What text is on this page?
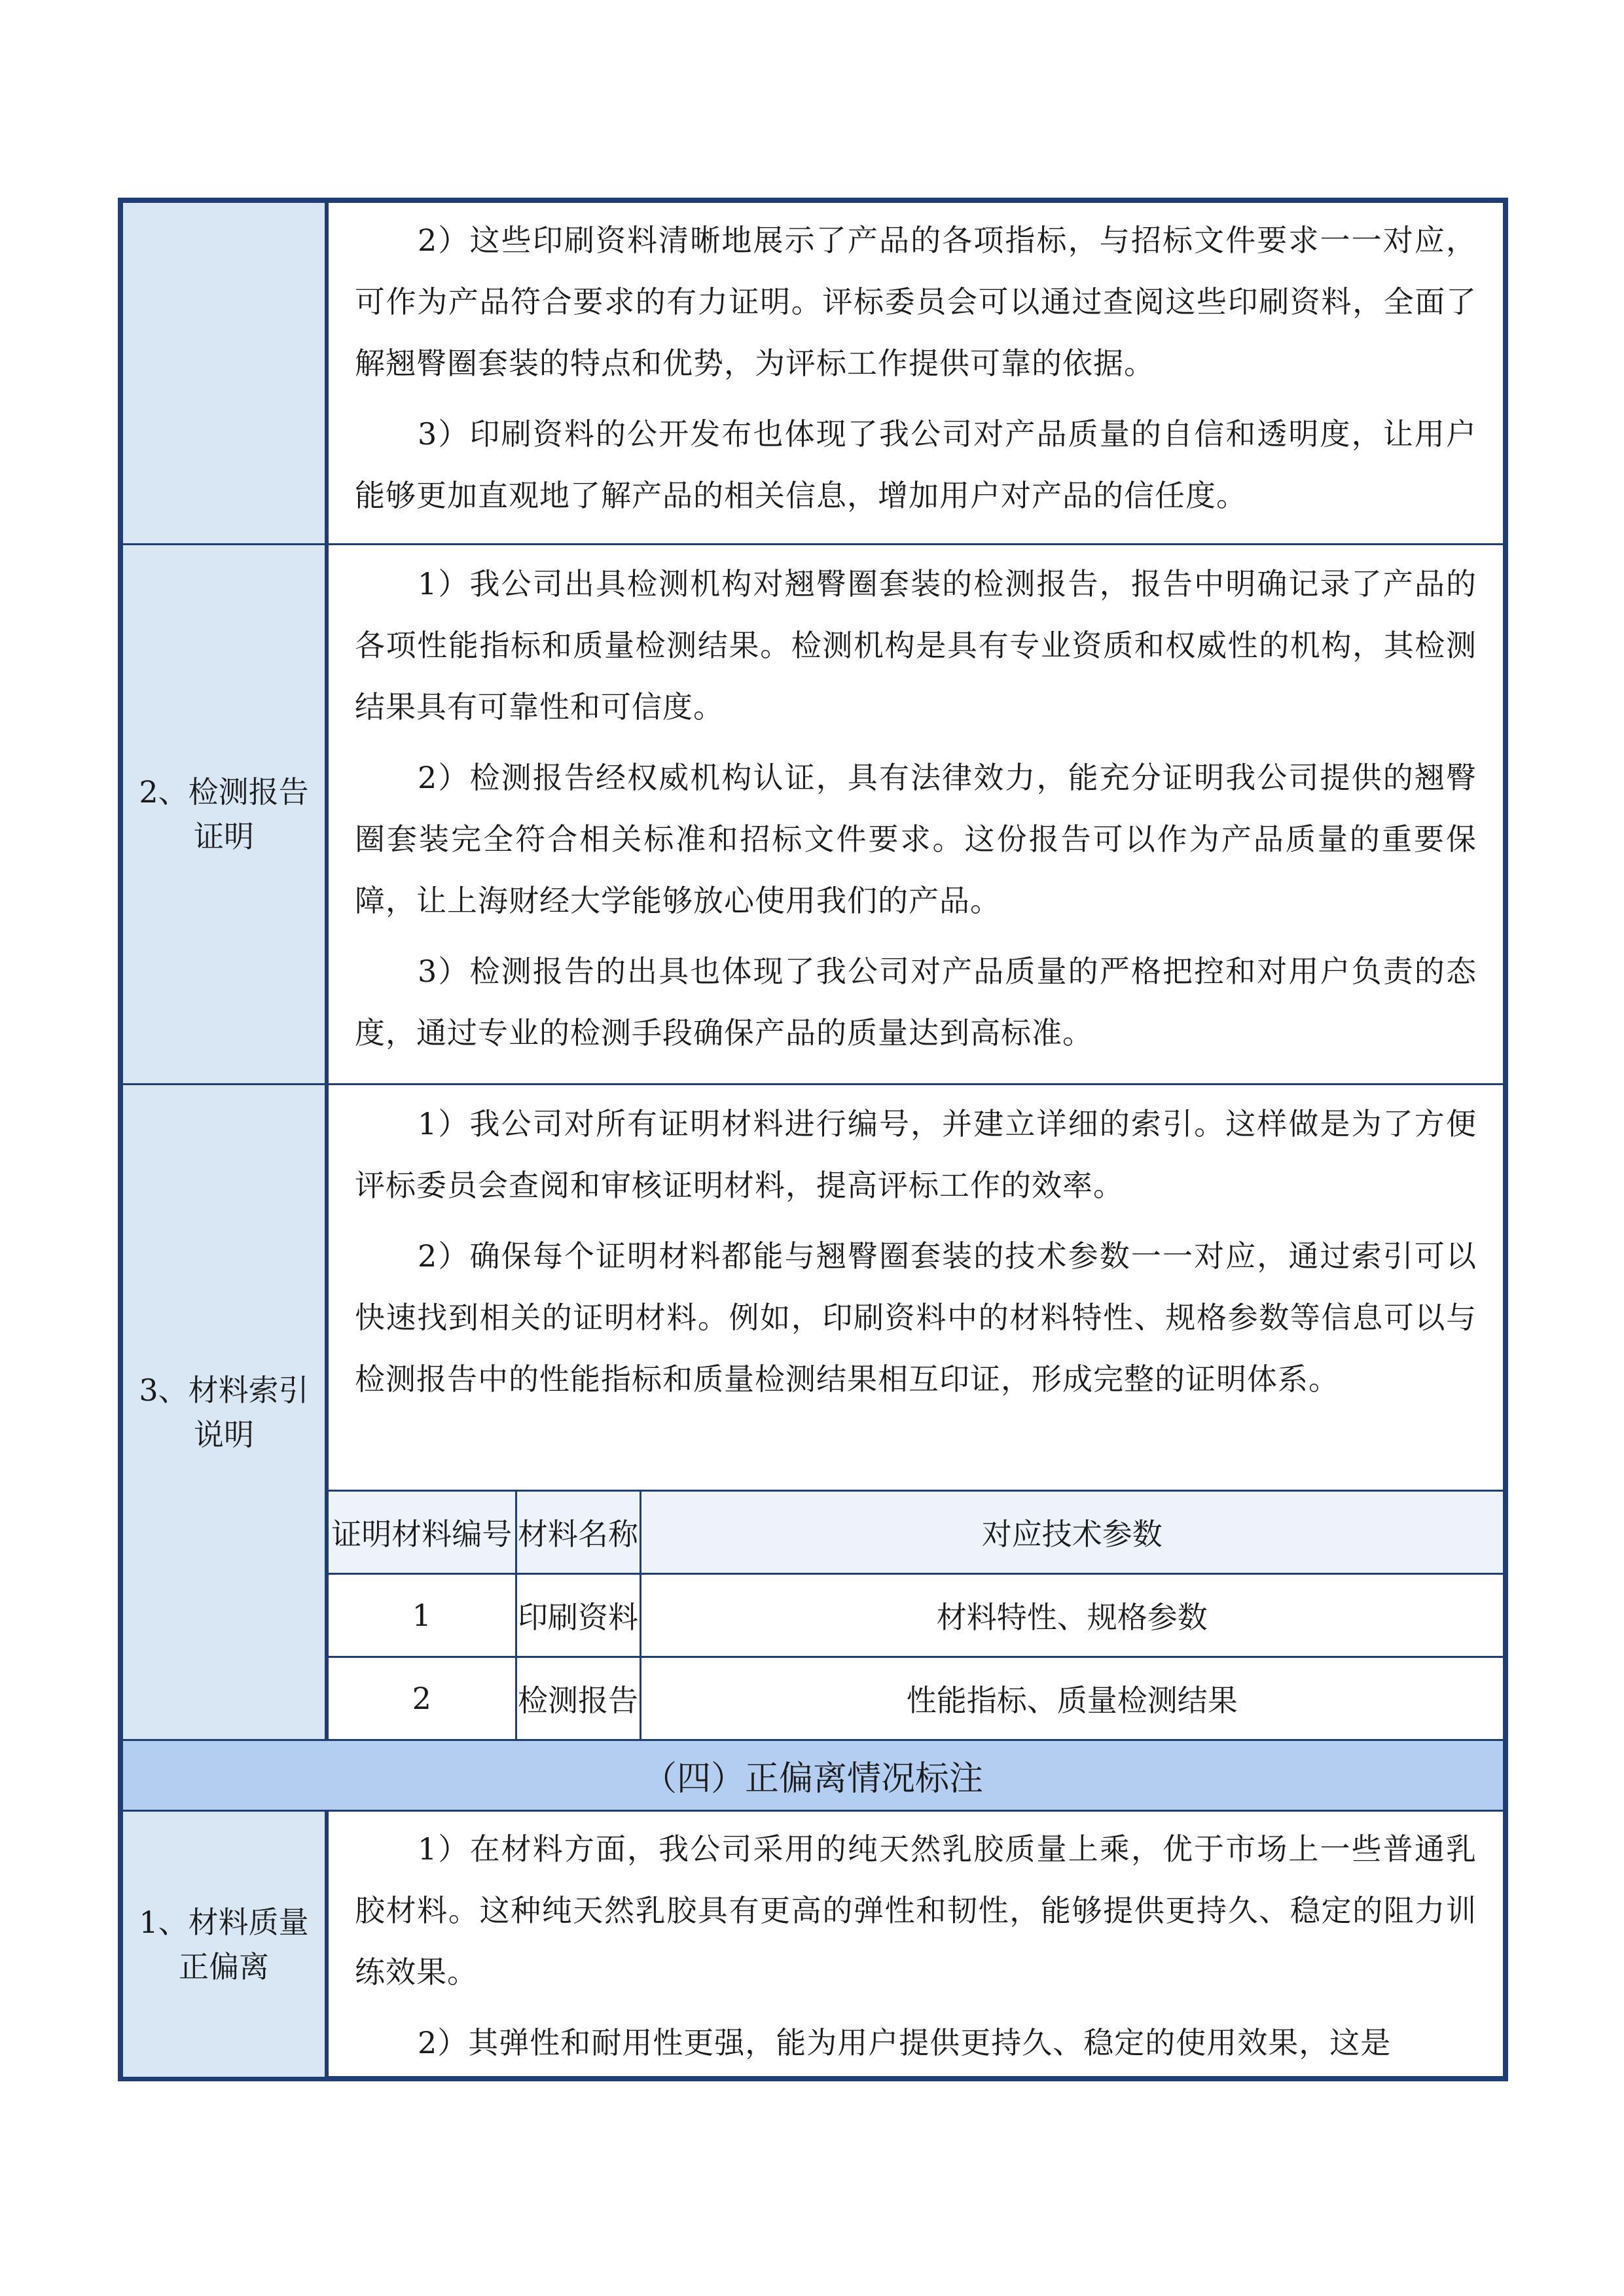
2）这些印刷资料清晰地展示了产品的各项指标，与招标文件要求一一对应，可作为产品符合要求的有力证明。评标委员会可以通过查阅这些印刷资料，全面了解翘臀圈套装的特点和优势，为评标工作提供可靠的依据。

3）印刷资料的公开发布也体现了我公司对产品质量的自信和透明度，让用户能够更加直观地了解产品的相关信息，增加用户对产品的信任度。

2、检测报告证明

1）我公司出具检测机构对翘臀圈套装的检测报告，报告中明确记录了产品的各项性能指标和质量检测结果。检测机构是具有专业资质和权威性的机构，其检测结果具有可靠性和可信度。

2）检测报告经权威机构认证，具有法律效力，能充分证明我公司提供的翘臀圈套装完全符合相关标准和招标文件要求。这份报告可以作为产品质量的重要保障，让上海财经大学能够放心使用我们的产品。

3）检测报告的出具也体现了我公司对产品质量的严格把控和对用户负责的态度，通过专业的检测手段确保产品的质量达到高标准。

3、材料索引说明

1）我公司对所有证明材料进行编号，并建立详细的索引。这样做是为了方便评标委员会查阅和审核证明材料，提高评标工作的效率。

2）确保每个证明材料都能与翘臀圈套装的技术参数一一对应，通过索引可以快速找到相关的证明材料。例如，印刷资料中的材料特性、规格参数等信息可以与检测报告中的性能指标和质量检测结果相互印证，形成完整的证明体系。

证明材料编号	材料名称	对应技术参数
1	印刷资料	材料特性、规格参数
2	检测报告	性能指标、质量检测结果
（四）正偏离情况标注
1、材料质量正偏离

1）在材料方面，我公司采用的纯天然乳胶质量上乘，优于市场上一些普通乳胶材料。这种纯天然乳胶具有更高的弹性和韧性，能够提供更持久、稳定的阻力训练效果。

2）其弹性和耐用性更强，能为用户提供更持久、稳定的使用效果，这是
